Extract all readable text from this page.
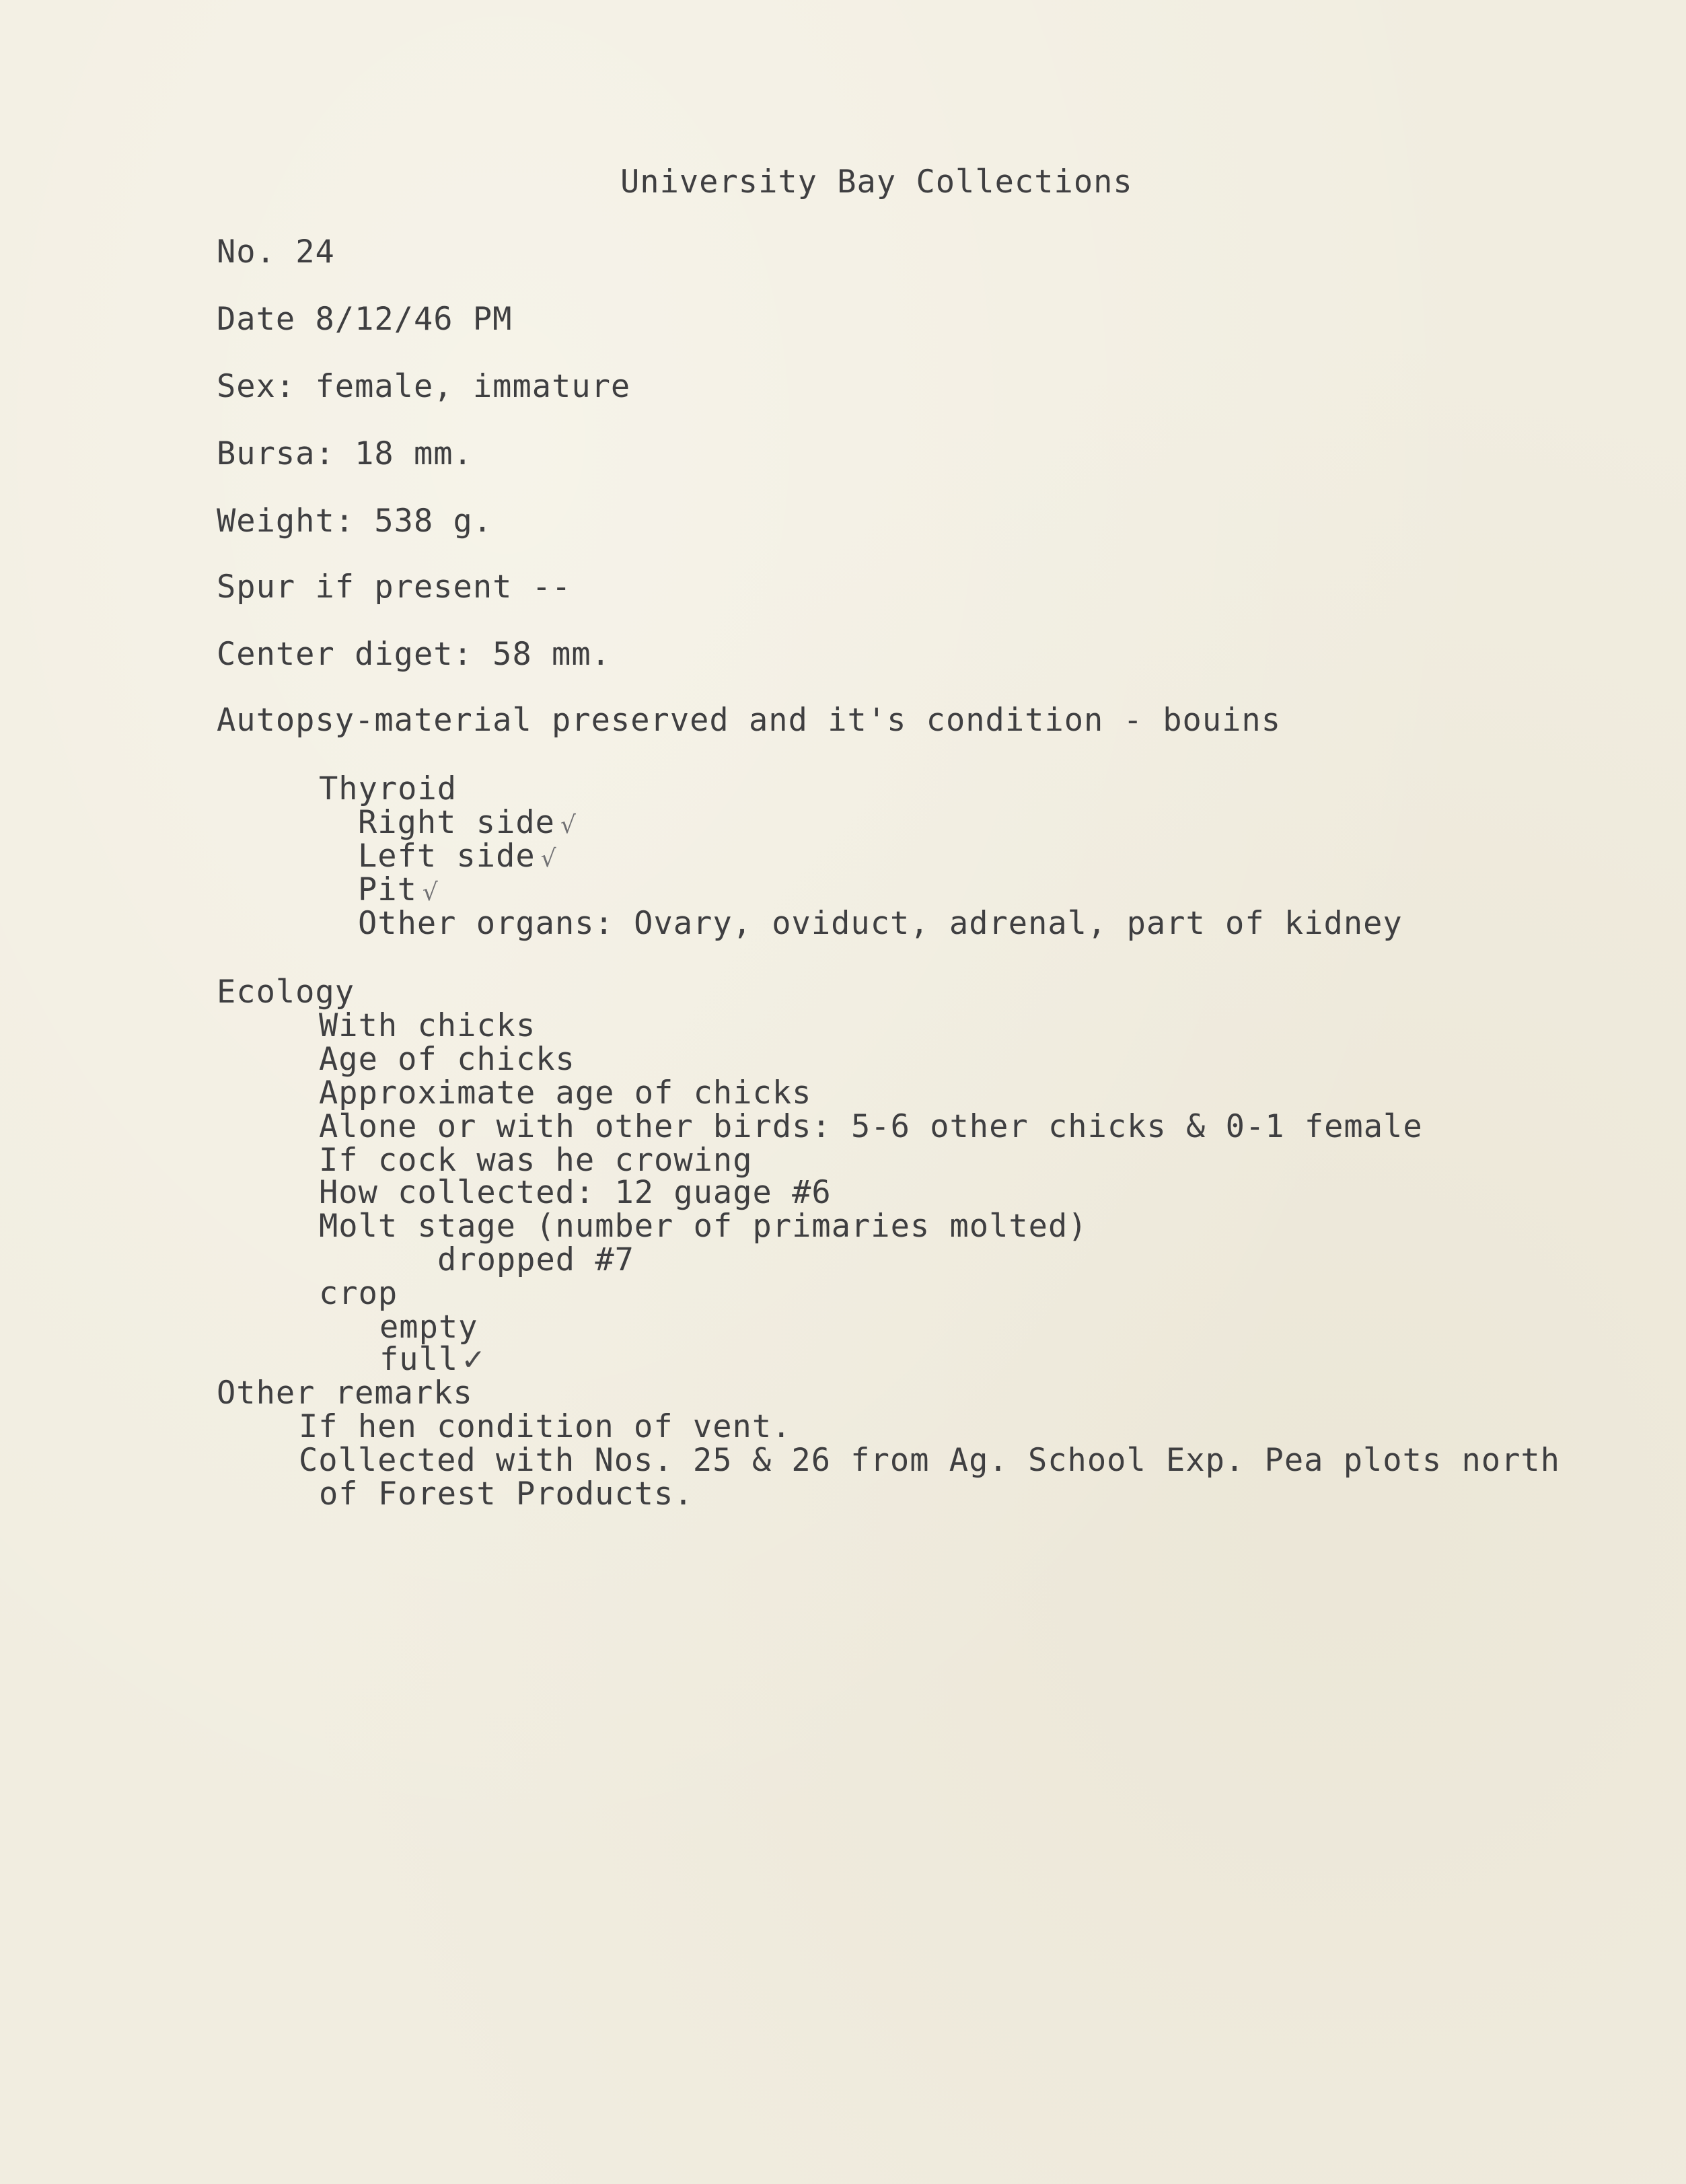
University Bay Collections
No. 24
Date 8/12/46 PM
Sex: female, immature
Bursa: 18 mm.
Weight: 538 g.
Spur if present --
Center diget: 58 mm.
Autopsy-material preserved and it's condition - bouins
Thyroid
Right side √
Left side √
Pit √
Other organs: Ovary, oviduct, adrenal, part of kidney
Ecology
With chicks
Age of chicks
Approximate age of chicks
Alone or with other birds: 5-6 other chicks & 0-1 female
If cock was he crowing
How collected: 12 guage #6
Molt stage (number of primaries molted)
dropped #7
crop
empty
full✓
Other remarks
If hen condition of vent.
Collected with Nos. 25 & 26 from Ag. School Exp. Pea plots north
of Forest Products.
